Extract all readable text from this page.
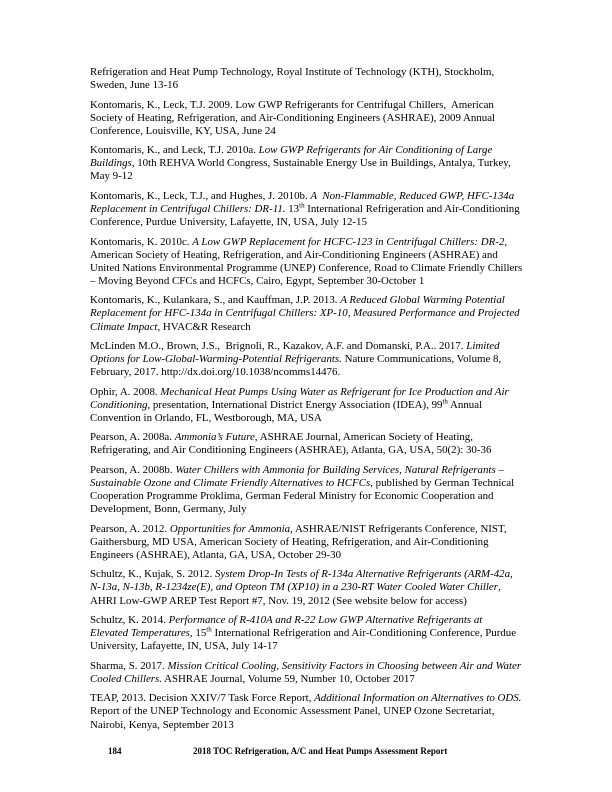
Refrigeration and Heat Pump Technology, Royal Institute of Technology (KTH), Stockholm, Sweden, June 13-16

Kontomaris, K., Leck, T.J. 2009. Low GWP Refrigerants for Centrifugal Chillers,  American Society of Heating, Refrigeration, and Air-Conditioning Engineers (ASHRAE), 2009 Annual Conference, Louisville, KY, USA, June 24

Kontomaris, K., and Leck, T.J. 2010a. Low GWP Refrigerants for Air Conditioning of Large Buildings, 10th REHVA World Congress, Sustainable Energy Use in Buildings, Antalya, Turkey, May 9-12

Kontomaris, K., Leck, T.J., and Hughes, J. 2010b. A  Non-Flammable, Reduced GWP, HFC-134a Replacement in Centrifugal Chillers: DR-11. 13th International Refrigeration and Air-Conditioning Conference, Purdue University, Lafayette, IN, USA, July 12-15

Kontomaris, K. 2010c. A Low GWP Replacement for HCFC-123 in Centrifugal Chillers: DR-2, American Society of Heating, Refrigeration, and Air-Conditioning Engineers (ASHRAE) and United Nations Environmental Programme (UNEP) Conference, Road to Climate Friendly Chillers – Moving Beyond CFCs and HCFCs, Cairo, Egypt, September 30-October 1

Kontomaris, K., Kulankara, S., and Kauffman, J.P. 2013. A Reduced Global Warming Potential Replacement for HFC-134a in Centrifugal Chillers: XP-10, Measured Performance and Projected Climate Impact, HVAC&R Research

McLinden M.O., Brown, J.S.,  Brignoli, R., Kazakov, A.F. and Domanski, P.A.. 2017. Limited Options for Low-Global-Warming-Potential Refrigerants. Nature Communications, Volume 8, February, 2017. http://dx.doi.org/10.1038/ncomms14476.

Ophir, A. 2008. Mechanical Heat Pumps Using Water as Refrigerant for Ice Production and Air Conditioning, presentation, International District Energy Association (IDEA), 99th Annual Convention in Orlando, FL, Westborough, MA, USA

Pearson, A. 2008a. Ammonia’s Future, ASHRAE Journal, American Society of Heating, Refrigerating, and Air Conditioning Engineers (ASHRAE), Atlanta, GA, USA, 50(2): 30-36

Pearson, A. 2008b. Water Chillers with Ammonia for Building Services, Natural Refrigerants – Sustainable Ozone and Climate Friendly Alternatives to HCFCs, published by German Technical Cooperation Programme Proklima, German Federal Ministry for Economic Cooperation and Development, Bonn, Germany, July

Pearson, A. 2012. Opportunities for Ammonia, ASHRAE/NIST Refrigerants Conference, NIST, Gaithersburg, MD USA, American Society of Heating, Refrigeration, and Air-Conditioning Engineers (ASHRAE), Atlanta, GA, USA, October 29-30

Schultz, K., Kujak, S. 2012. System Drop-In Tests of R-134a Alternative Refrigerants (ARM-42a, N-13a, N-13b, R-1234ze(E), and Opteon TM (XP10) in a 230-RT Water Cooled Water Chiller, AHRI Low-GWP AREP Test Report #7, Nov. 19, 2012 (See website below for access)

Schultz, K. 2014. Performance of R-410A and R-22 Low GWP Alternative Refrigerants at Elevated Temperatures, 15th International Refrigeration and Air-Conditioning Conference, Purdue University, Lafayette, IN, USA, July 14-17

Sharma, S. 2017. Mission Critical Cooling, Sensitivity Factors in Choosing between Air and Water Cooled Chillers. ASHRAE Journal, Volume 59, Number 10, October 2017

TEAP, 2013. Decision XXIV/7 Task Force Report, Additional Information on Alternatives to ODS. Report of the UNEP Technology and Economic Assessment Panel, UNEP Ozone Secretariat, Nairobi, Kenya, September 2013

184	2018 TOC Refrigeration, A/C and Heat Pumps Assessment Report
